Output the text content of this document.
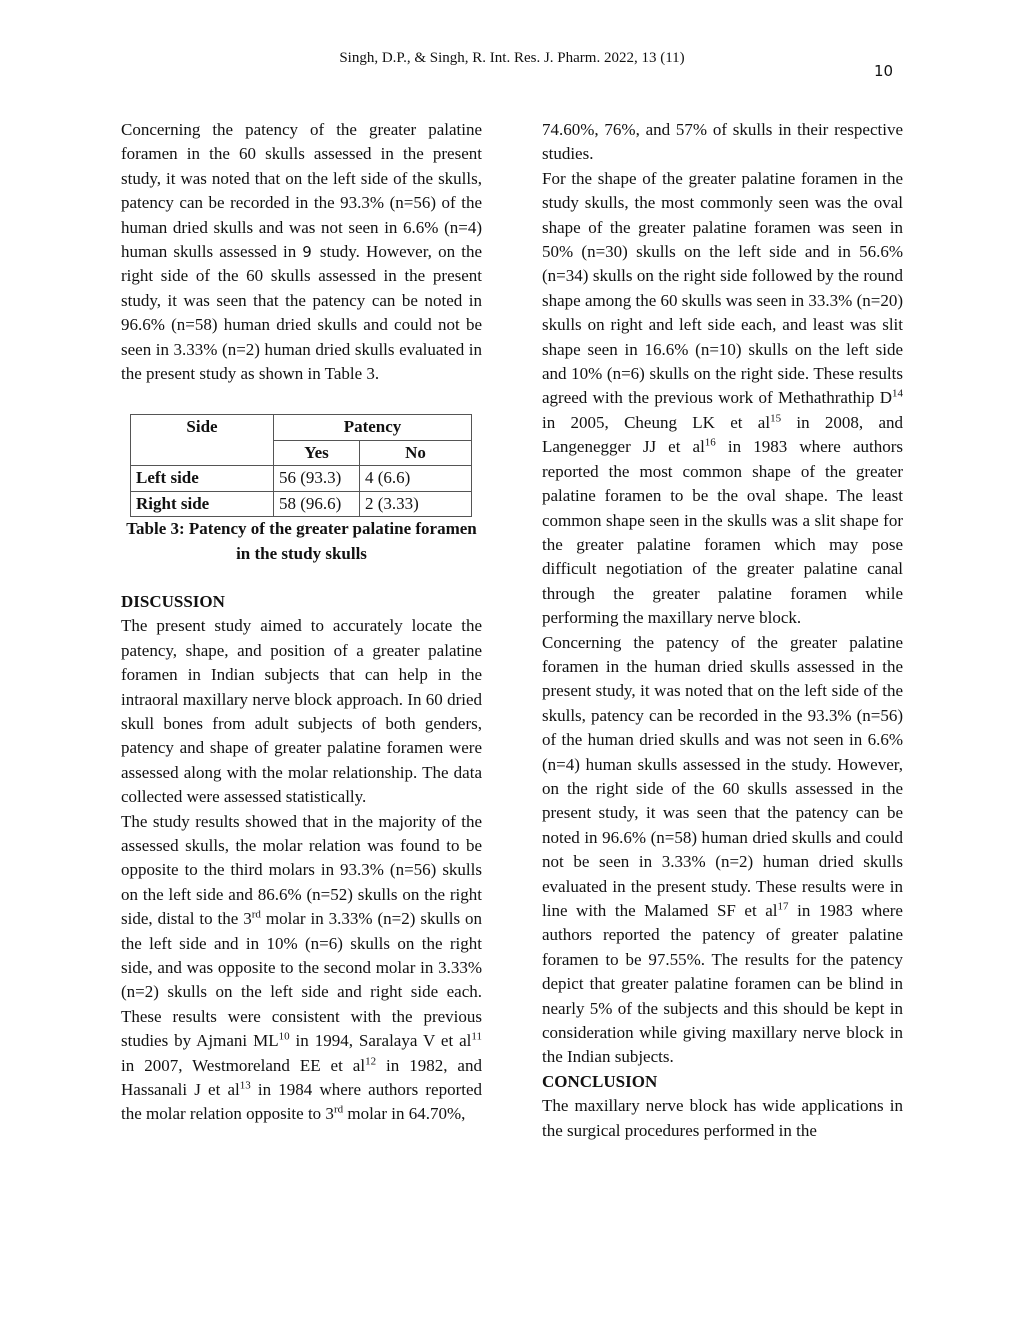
Singh, D.P., & Singh, R. Int. Res. J. Pharm. 2022, 13 (11)
10

Concerning the patency of the greater palatine foramen in the 60 skulls assessed in the present study, it was noted that on the left side of the skulls, patency can be recorded in the 93.3% (n=56) of the human dried skulls and was not seen in 6.6% (n=4) human skulls assessed in 9 study. However, on the right side of the 60 skulls assessed in the present study, it was seen that the patency can be noted in 96.6% (n=58) human dried skulls and could not be seen in 3.33% (n=2) human dried skulls evaluated in the present study as shown in Table 3.

Side	Patency	
	Yes	No
Left side	56 (93.3)	4 (6.6)
Right side	58 (96.6)	2 (3.33)

Table 3: Patency of the greater palatine foramen in the study skulls

DISCUSSION

The present study aimed to accurately locate the patency, shape, and position of a greater palatine foramen in Indian subjects that can help in the intraoral maxillary nerve block approach. In 60 dried skull bones from adult subjects of both genders, patency and shape of greater palatine foramen were assessed along with the molar relationship. The data collected were assessed statistically.

The study results showed that in the majority of the assessed skulls, the molar relation was found to be opposite to the third molars in 93.3% (n=56) skulls on the left side and 86.6% (n=52) skulls on the right side, distal to the 3rd molar in 3.33% (n=2) skulls on the left side and in 10% (n=6) skulls on the right side, and was opposite to the second molar in 3.33% (n=2) skulls on the left side and right side each. These results were consistent with the previous studies by Ajmani ML$^{10}$ in 1994, Saralaya V et $al^{11}$ in 2007, Westmoreland EE et $al^{12}$ in 1982, and Hassanali J et $al^{13}$ in 1984 where authors reported the molar relation opposite to 3rd molar in 64.70%,

74.60%, 76%, and 57% of skulls in their respective studies.

For the shape of the greater palatine foramen in the study skulls, the most commonly seen was the oval shape of the greater palatine foramen was seen in 50% (n=30) skulls on the left side and in 56.6% (n=34) skulls on the right side followed by the round shape among the 60 skulls was seen in 33.3% (n=20) skulls on right and left side each, and least was slit shape seen in 16.6% (n=10) skulls on the left side and 10% (n=6) skulls on the right side. These results agreed with the previous work of Methathrathip $D^{14}$ in 2005, Cheung LK et $al^{15}$ in 2008, and Langenegger JJ et $al^{16}$ in 1983 where authors reported the most common shape of the greater palatine foramen to be the oval shape. The least common shape seen in the skulls was a slit shape for the greater palatine foramen which may pose difficult negotiation of the greater palatine canal through the greater palatine foramen while performing the maxillary nerve block.

Concerning the patency of the greater palatine foramen in the human dried skulls assessed in the present study, it was noted that on the left side of the skulls, patency can be recorded in the 93.3% (n=56) of the human dried skulls and was not seen in 6.6% (n=4) human skulls assessed in the study. However, on the right side of the 60 skulls assessed in the present study, it was seen that the patency can be noted in 96.6% (n=58) human dried skulls and could not be seen in 3.33% (n=2) human dried skulls evaluated in the present study. These results were in line with the Malamed SF et $al^{17}$ in 1983 where authors reported the patency of greater palatine foramen to be 97.55%. The results for the patency depict that greater palatine foramen can be blind in nearly 5% of the subjects and this should be kept in consideration while giving maxillary nerve block in the Indian subjects.

CONCLUSION

The maxillary nerve block has wide applications in the surgical procedures performed in the
